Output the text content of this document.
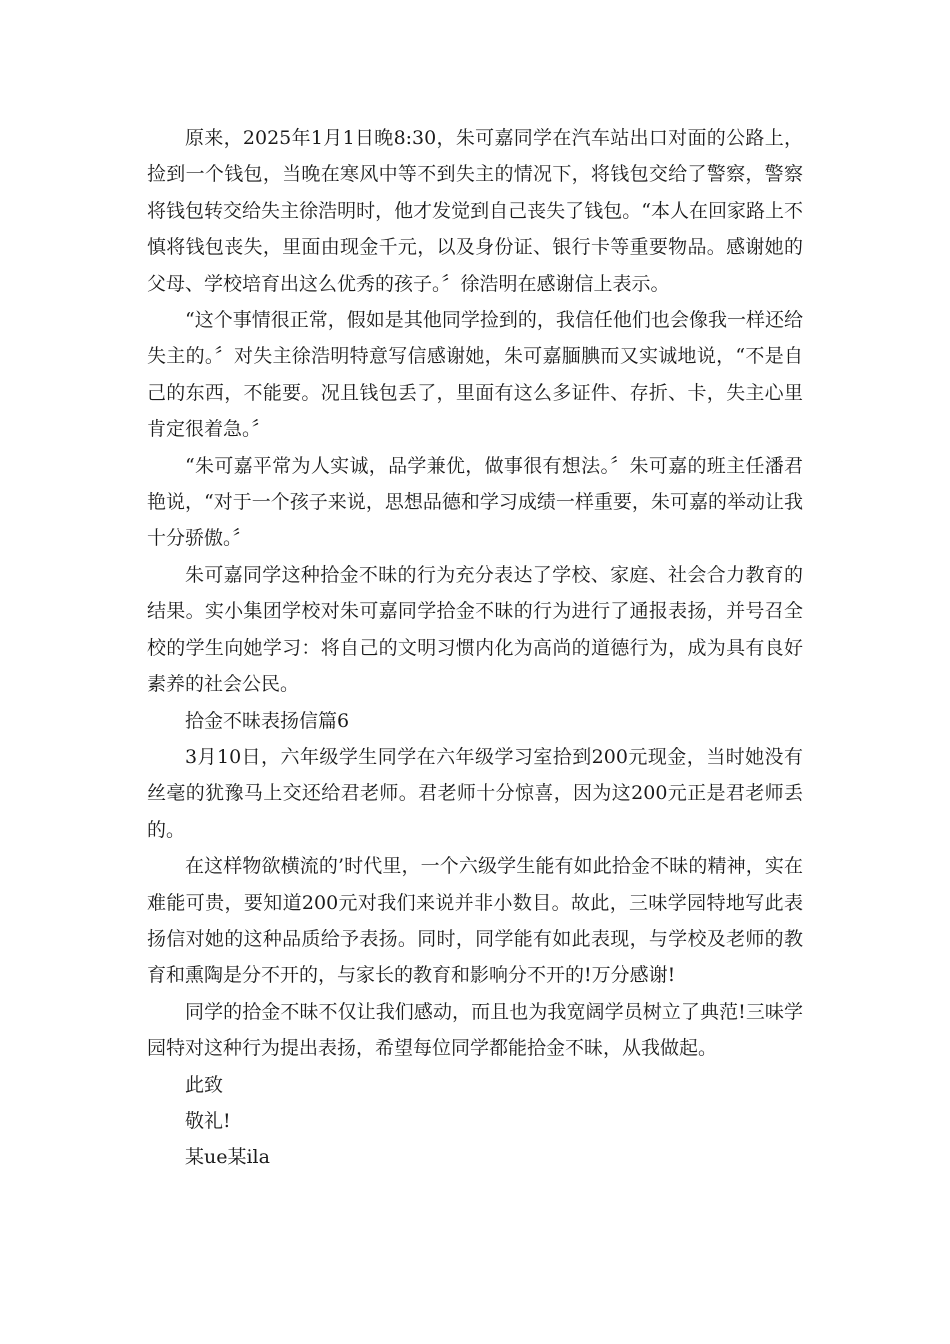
原来，2025年1月1日晚8:30，朱可嘉同学在汽车站出口对面的公路上，捡到一个钱包，当晚在寒风中等不到失主的情况下，将钱包交给了警察，警察将钱包转交给失主徐浩明时，他才发觉到自己丧失了钱包。“本人在回家路上不慎将钱包丧失，里面由现金千元，以及身份证、银行卡等重要物品。感谢她的父母、学校培育出这么优秀的孩子。〞徐浩明在感谢信上表示。

“这个事情很正常，假如是其他同学捡到的，我信任他们也会像我一样还给失主的。〞对失主徐浩明特意写信感谢她，朱可嘉腼腆而又实诚地说，“不是自己的东西，不能要。况且钱包丢了，里面有这么多证件、存折、卡，失主心里肯定很着急。〞

“朱可嘉平常为人实诚，品学兼优，做事很有想法。〞朱可嘉的班主任潘君艳说，“对于一个孩子来说，思想品德和学习成绩一样重要，朱可嘉的举动让我十分骄傲。〞

朱可嘉同学这种拾金不昧的行为充分表达了学校、家庭、社会合力教育的结果。实小集团学校对朱可嘉同学拾金不昧的行为进行了通报表扬，并号召全校的学生向她学习：将自己的文明习惯内化为高尚的道德行为，成为具有良好素养的社会公民。

拾金不昧表扬信篇6

3月10日，六年级学生同学在六年级学习室拾到200元现金，当时她没有丝毫的犹豫马上交还给君老师。君老师十分惊喜，因为这200元正是君老师丢的。

在这样物欲横流的’时代里，一个六级学生能有如此拾金不昧的精神，实在难能可贵，要知道200元对我们来说并非小数目。故此，三味学园特地写此表扬信对她的这种品质给予表扬。同时，同学能有如此表现，与学校及老师的教育和熏陶是分不开的，与家长的教育和影响分不开的!万分感谢!

同学的拾金不昧不仅让我们感动，而且也为我宽阔学员树立了典范!三味学园特对这种行为提出表扬，希望每位同学都能拾金不昧，从我做起。

此致

敬礼!

某ue某ila
